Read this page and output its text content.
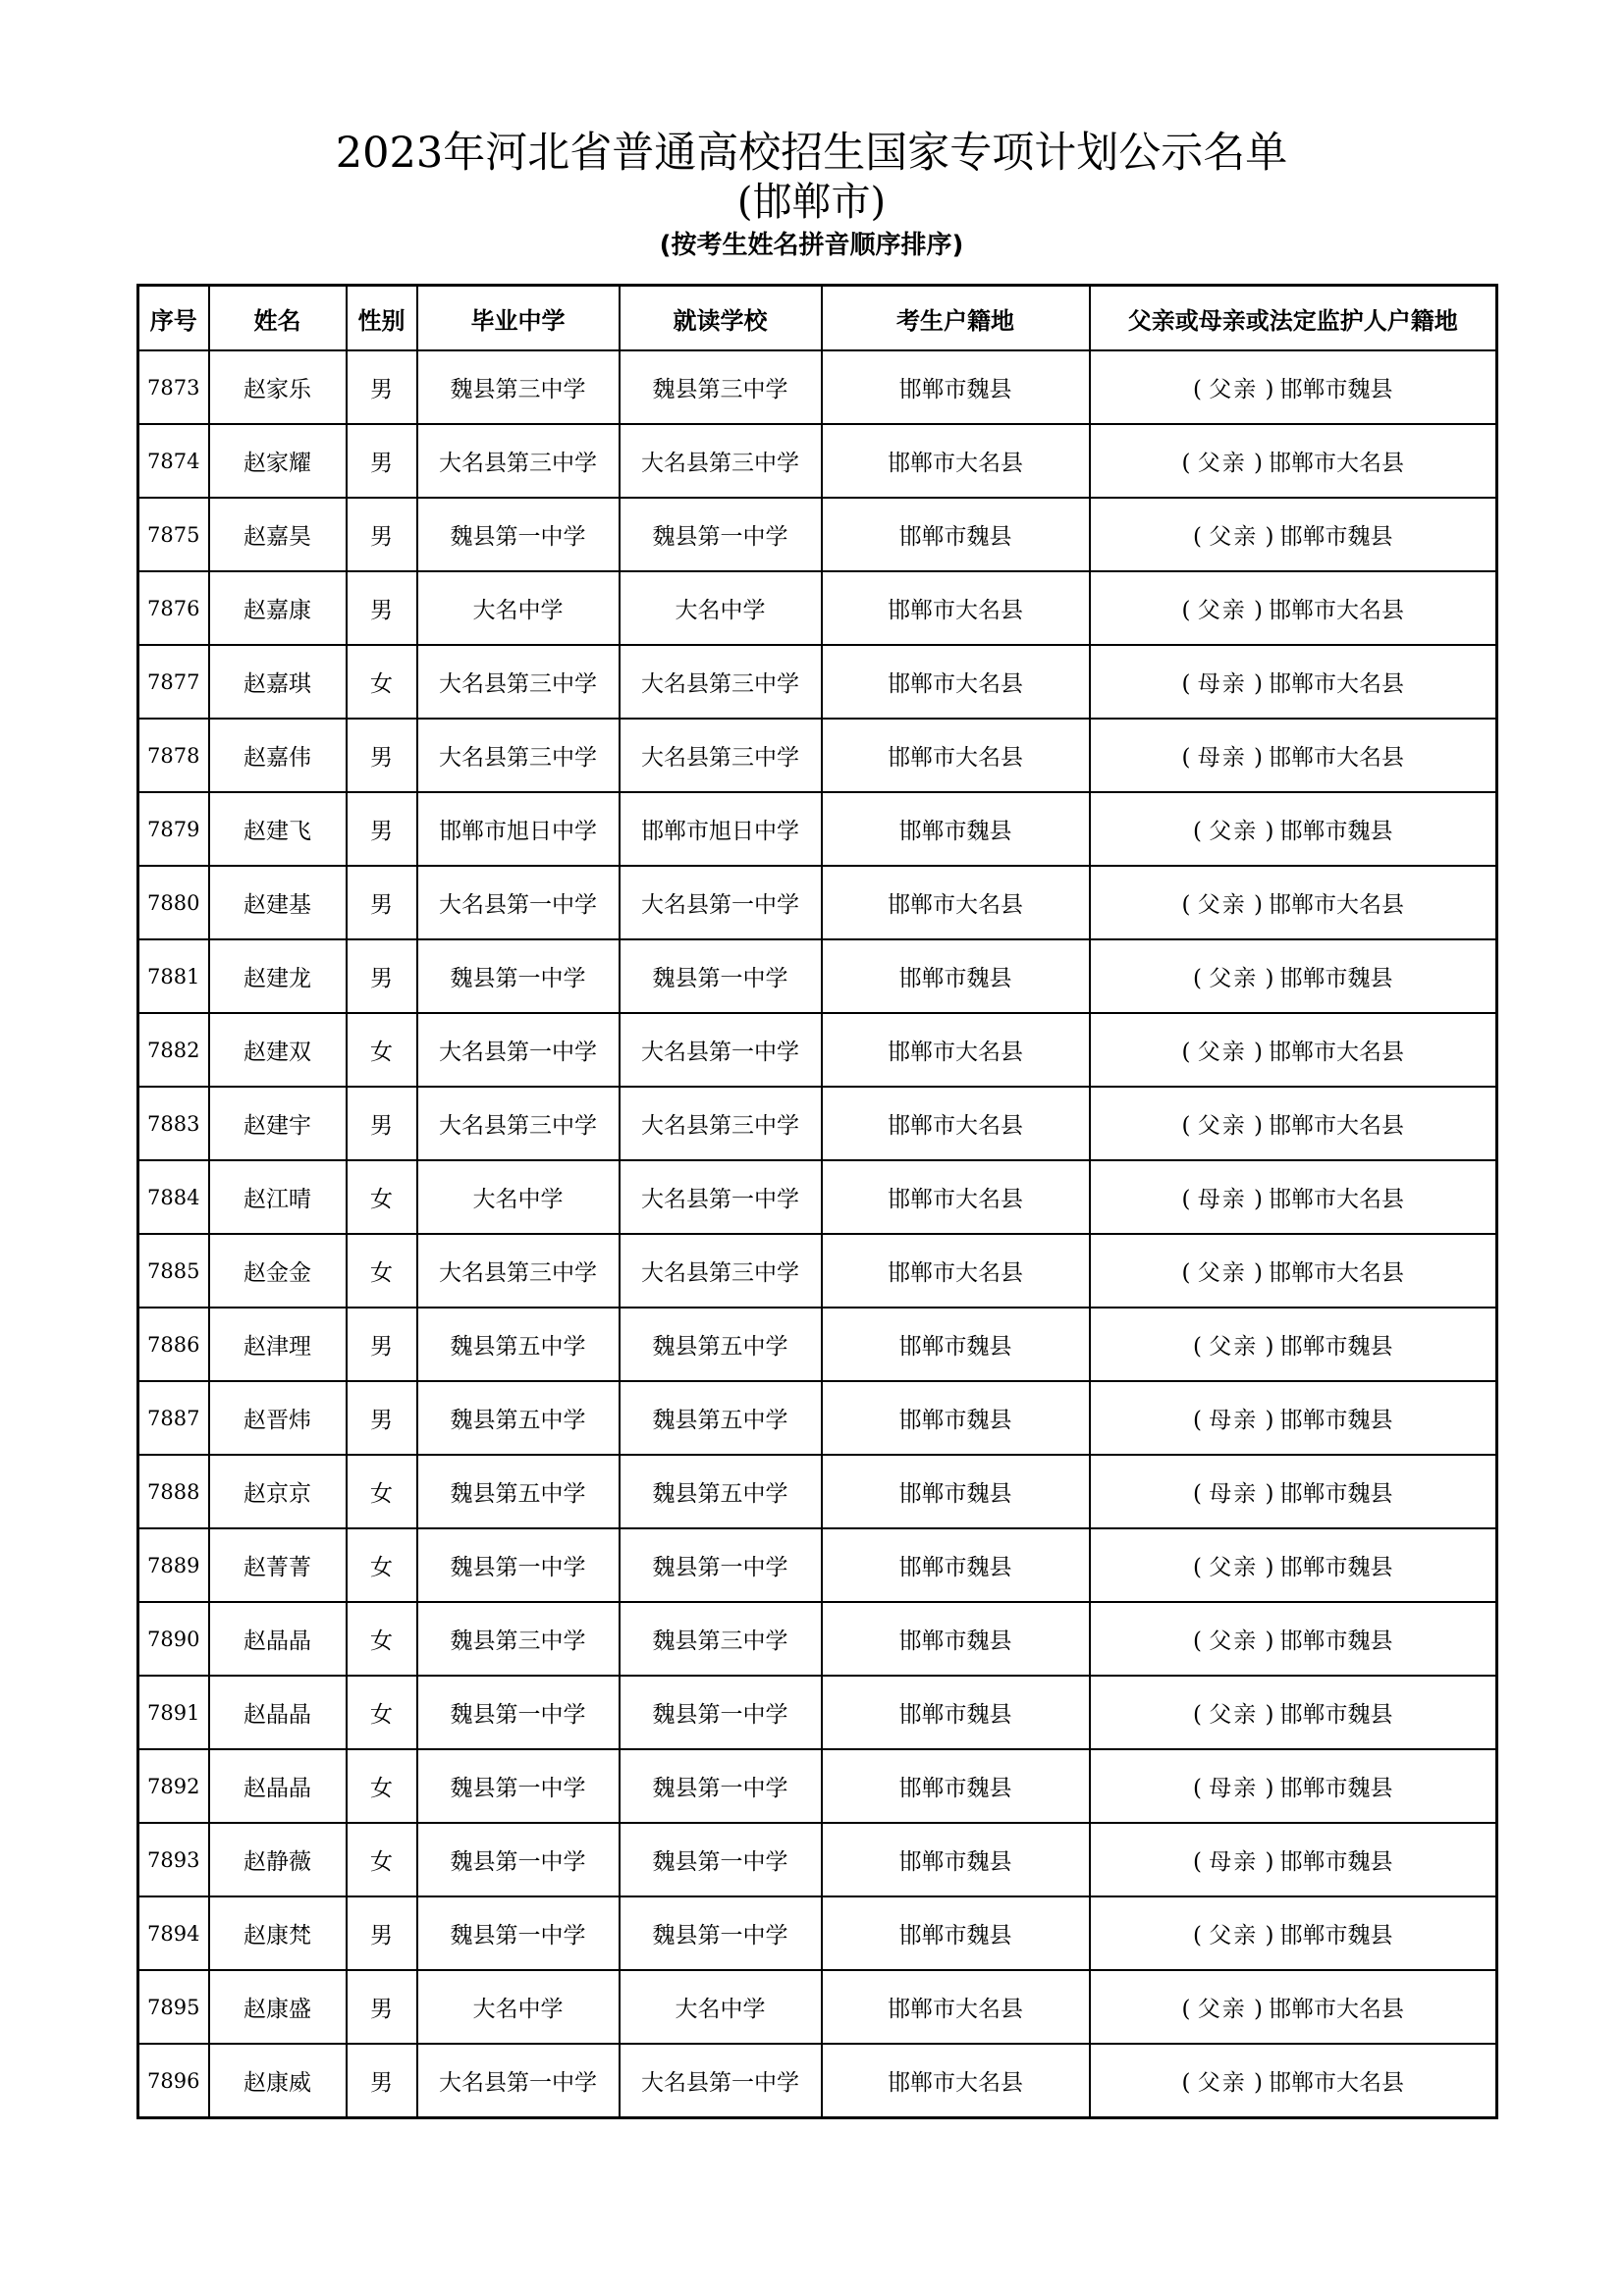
2023年河北省普通高校招生国家专项计划公示名单
(邯郸市)
(按考生姓名拼音顺序排序)
序号	姓名	性别	毕业中学	就读学校	考生户籍地	父亲或母亲或法定监护人户籍地
7873	赵家乐	男	魏县第三中学	魏县第三中学	邯郸市魏县	( 父亲 ) 邯郸市魏县
7874	赵家耀	男	大名县第三中学	大名县第三中学	邯郸市大名县	( 父亲 ) 邯郸市大名县
7875	赵嘉昊	男	魏县第一中学	魏县第一中学	邯郸市魏县	( 父亲 ) 邯郸市魏县
7876	赵嘉康	男	大名中学	大名中学	邯郸市大名县	( 父亲 ) 邯郸市大名县
7877	赵嘉琪	女	大名县第三中学	大名县第三中学	邯郸市大名县	( 母亲 ) 邯郸市大名县
7878	赵嘉伟	男	大名县第三中学	大名县第三中学	邯郸市大名县	( 母亲 ) 邯郸市大名县
7879	赵建飞	男	邯郸市旭日中学	邯郸市旭日中学	邯郸市魏县	( 父亲 ) 邯郸市魏县
7880	赵建基	男	大名县第一中学	大名县第一中学	邯郸市大名县	( 父亲 ) 邯郸市大名县
7881	赵建龙	男	魏县第一中学	魏县第一中学	邯郸市魏县	( 父亲 ) 邯郸市魏县
7882	赵建双	女	大名县第一中学	大名县第一中学	邯郸市大名县	( 父亲 ) 邯郸市大名县
7883	赵建宇	男	大名县第三中学	大名县第三中学	邯郸市大名县	( 父亲 ) 邯郸市大名县
7884	赵江晴	女	大名中学	大名县第一中学	邯郸市大名县	( 母亲 ) 邯郸市大名县
7885	赵金金	女	大名县第三中学	大名县第三中学	邯郸市大名县	( 父亲 ) 邯郸市大名县
7886	赵津理	男	魏县第五中学	魏县第五中学	邯郸市魏县	( 父亲 ) 邯郸市魏县
7887	赵晋炜	男	魏县第五中学	魏县第五中学	邯郸市魏县	( 母亲 ) 邯郸市魏县
7888	赵京京	女	魏县第五中学	魏县第五中学	邯郸市魏县	( 母亲 ) 邯郸市魏县
7889	赵菁菁	女	魏县第一中学	魏县第一中学	邯郸市魏县	( 父亲 ) 邯郸市魏县
7890	赵晶晶	女	魏县第三中学	魏县第三中学	邯郸市魏县	( 父亲 ) 邯郸市魏县
7891	赵晶晶	女	魏县第一中学	魏县第一中学	邯郸市魏县	( 父亲 ) 邯郸市魏县
7892	赵晶晶	女	魏县第一中学	魏县第一中学	邯郸市魏县	( 母亲 ) 邯郸市魏县
7893	赵静薇	女	魏县第一中学	魏县第一中学	邯郸市魏县	( 母亲 ) 邯郸市魏县
7894	赵康梵	男	魏县第一中学	魏县第一中学	邯郸市魏县	( 父亲 ) 邯郸市魏县
7895	赵康盛	男	大名中学	大名中学	邯郸市大名县	( 父亲 ) 邯郸市大名县
7896	赵康威	男	大名县第一中学	大名县第一中学	邯郸市大名县	( 父亲 ) 邯郸市大名县
